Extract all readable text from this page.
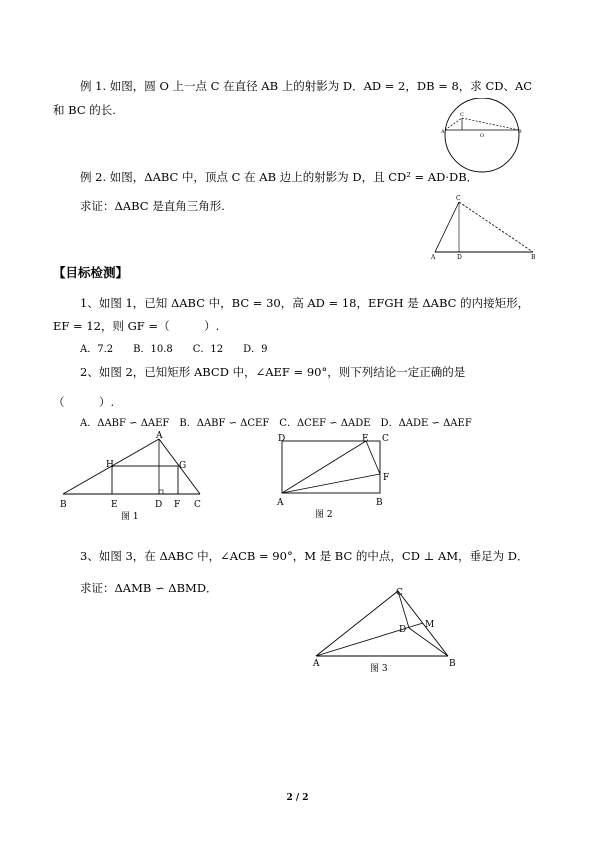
例 1. 如图，圆 O 上一点 C 在直径 AB 上的射影为 D．AD = 2，DB = 8，求 CD、AC
和 BC 的长.
A	B
C
O
例 2. 如图，ΔABC 中，顶点 C 在 AB 边上的射影为 D，且 CD² = AD·DB．
求证：ΔABC 是直角三角形.
A	D	B
C
【目标检测】
1、如图 1，已知 ΔABC 中，BC = 30，高 AD = 18，EFGH 是 ΔABC 的内接矩形，
EF = 12，则 GF =（　　　）.
A．7.2　　B．10.8　　C．12　　D．9
2、如图 2，已知矩形 ABCD 中，∠AEF = 90°，则下列结论一定正确的是
（　　　）.
A．ΔABF ∽ ΔAEF　B．ΔABF ∽ ΔCEF　C．ΔCEF ∽ ΔADE　D．ΔADE ∽ ΔAEF
A
B	C
D
E	F
G
H
图 1
D	E C
F
A	B
图 2
3、如图 3，在 ΔABC 中，∠ACB = 90°，M 是 BC 的中点，CD ⊥ AM，垂足为 D．
求证：ΔAMB ∽ ΔBMD．	C
D M
A	B
图 3
2 / 2
